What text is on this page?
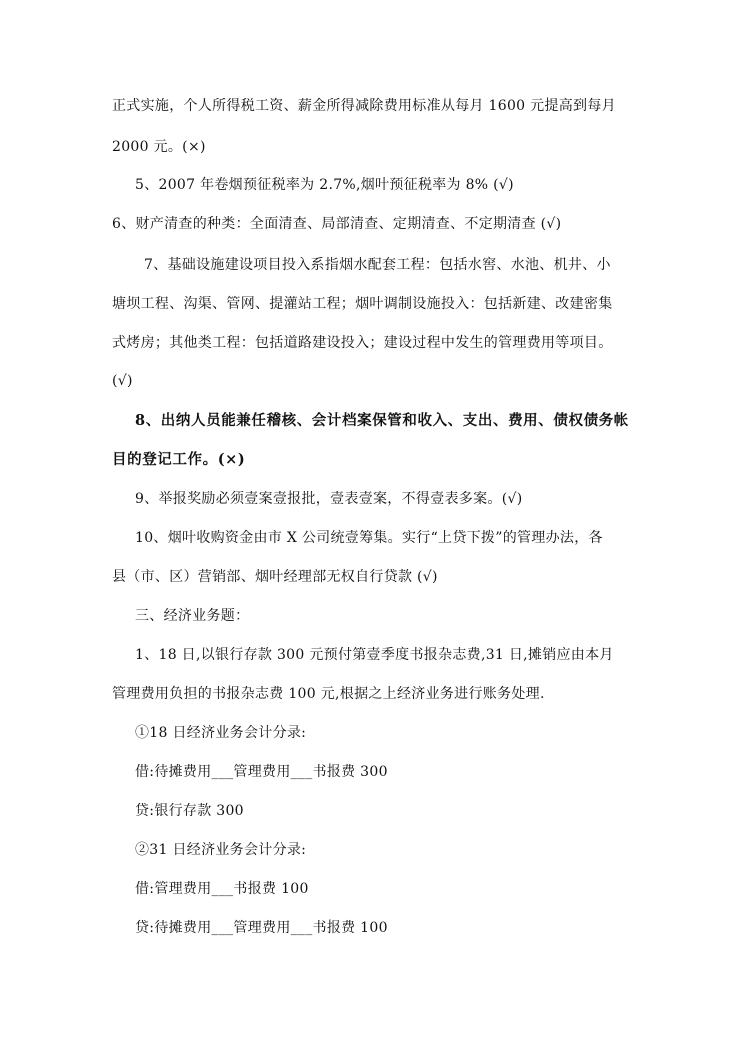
正式实施，个人所得税工资、薪金所得减除费用标准从每月 1600 元提高到每月
2000 元。(×)
5、2007 年卷烟预征税率为 2.7%,烟叶预征税率为 8% (√)
6、财产清查的种类：全面清查、局部清查、定期清查、不定期清查 (√)
7、基础设施建设项目投入系指烟水配套工程：包括水窖、水池、机井、小
塘坝工程、沟渠、管网、提灌站工程；烟叶调制设施投入：包括新建、改建密集
式烤房；其他类工程：包括道路建设投入；建设过程中发生的管理费用等项目。
(√)
8、出纳人员能兼任稽核、会计档案保管和收入、支出、费用、债权债务帐
目的登记工作。(×)
9、举报奖励必须壹案壹报批，壹表壹案，不得壹表多案。(√)
10、烟叶收购资金由市 X 公司统壹筹集。实行“上贷下拨”的管理办法，各
县（市、区）营销部、烟叶经理部无权自行贷款 (√)
三、经济业务题：
1、18 日,以银行存款 300 元预付第壹季度书报杂志费,31 日,摊销应由本月
管理费用负担的书报杂志费 100 元,根据之上经济业务进行账务处理.
①18 日经济业务会计分录:
借:待摊费用___管理费用___书报费 300
贷:银行存款 300
②31 日经济业务会计分录:
借:管理费用___书报费 100
贷:待摊费用___管理费用___书报费 100
